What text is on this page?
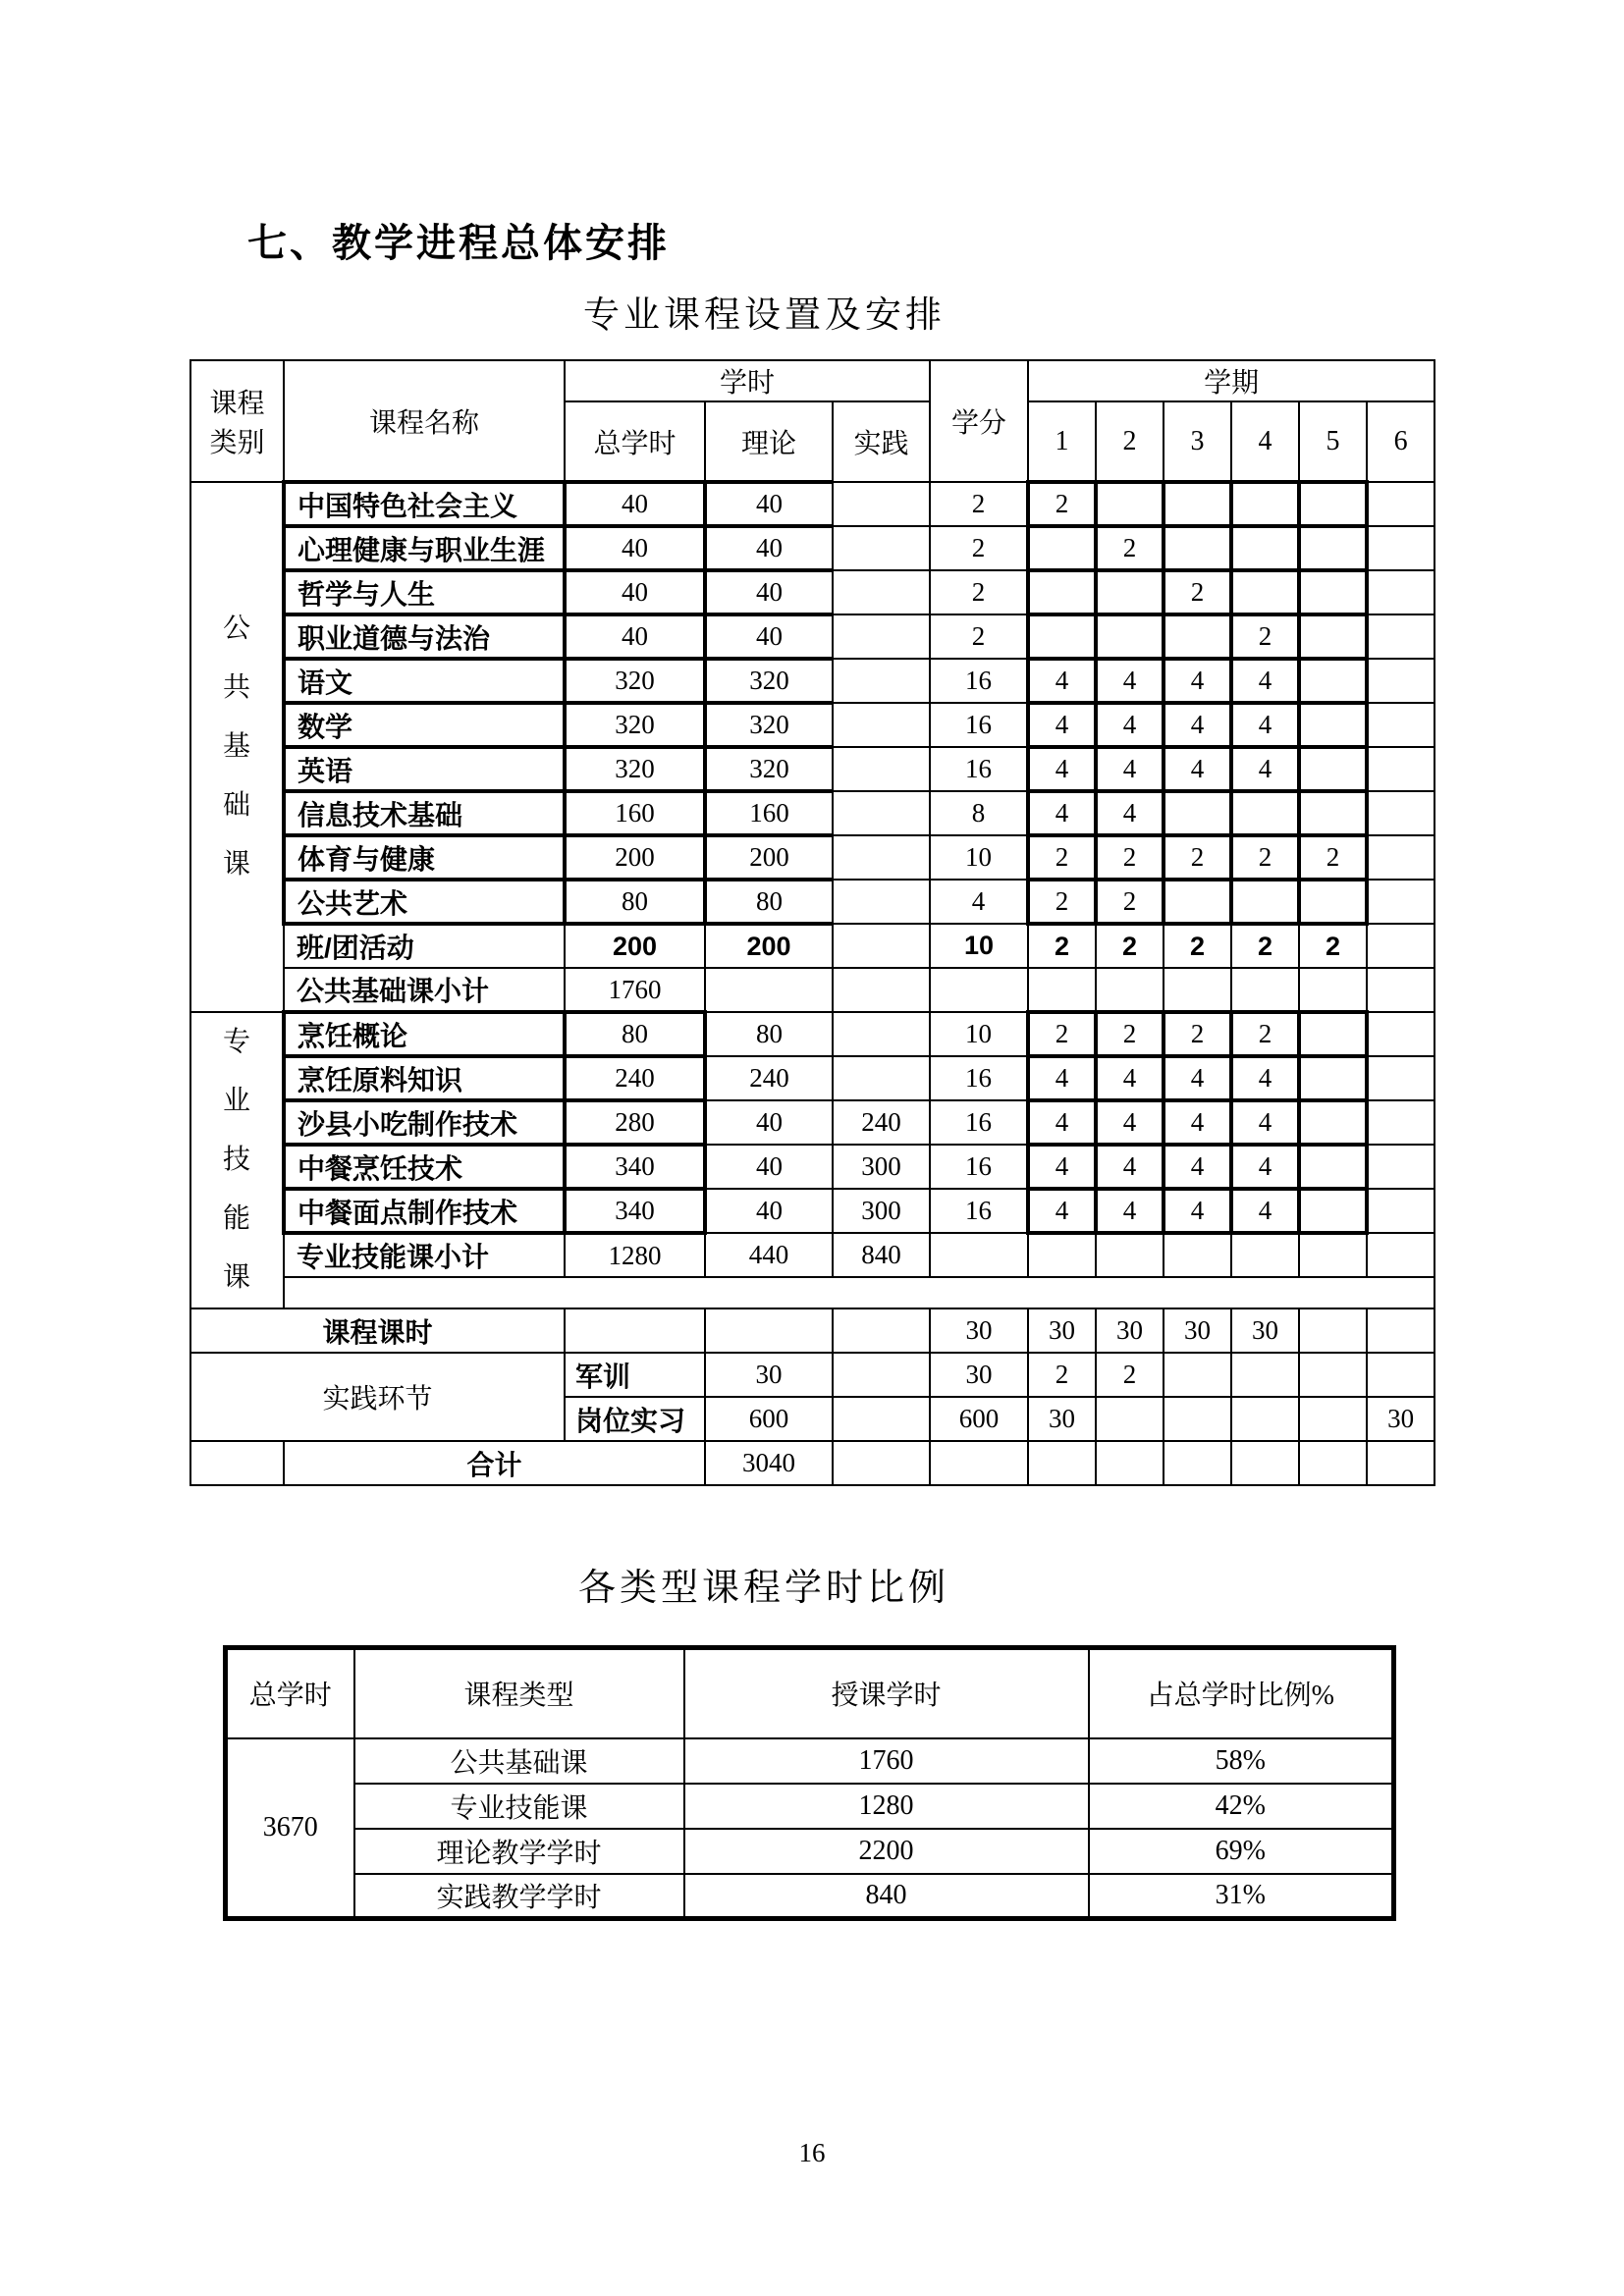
七、教学进程总体安排
专业课程设置及安排
课程
类别	课程名称	学时			学分	学期					
		总学时	理论	实践		1	2	3	4	5	6
公
共
基
础
课	中国特色社会主义	40	40		2	2					
	心理健康与职业生涯	40	40		2		2				
	哲学与人生	40	40		2			2			
	职业道德与法治	40	40		2				2		
	语文	320	320		16	4	4	4	4		
	数学	320	320		16	4	4	4	4		
	英语	320	320		16	4	4	4	4		
	信息技术基础	160	160		8	4	4				
	体育与健康	200	200		10	2	2	2	2	2	
	公共艺术	80	80		4	2	2				
	班/团活动	200	200		10	2	2	2	2	2	
	公共基础课小计	1760									
专
业
技
能
课	烹饪概论	80	80		10	2	2	2	2		
	烹饪原料知识	240	240		16	4	4	4	4		
	沙县小吃制作技术	280	40	240	16	4	4	4	4		
	中餐烹饪技术	340	40	300	16	4	4	4	4		
	中餐面点制作技术	340	40	300	16	4	4	4	4		
	专业技能课小计	1280	440	840							

课程课时					30	30	30	30	30		
实践环节		军训	30		30	2	2				
		岗位实习	600		600	30					30
	合计		3040								
各类型课程学时比例
总学时	课程类型	授课学时	占总学时比例%
3670	公共基础课	1760	58%
	专业技能课	1280	42%
	理论教学学时	2200	69%
	实践教学学时	840	31%
16
